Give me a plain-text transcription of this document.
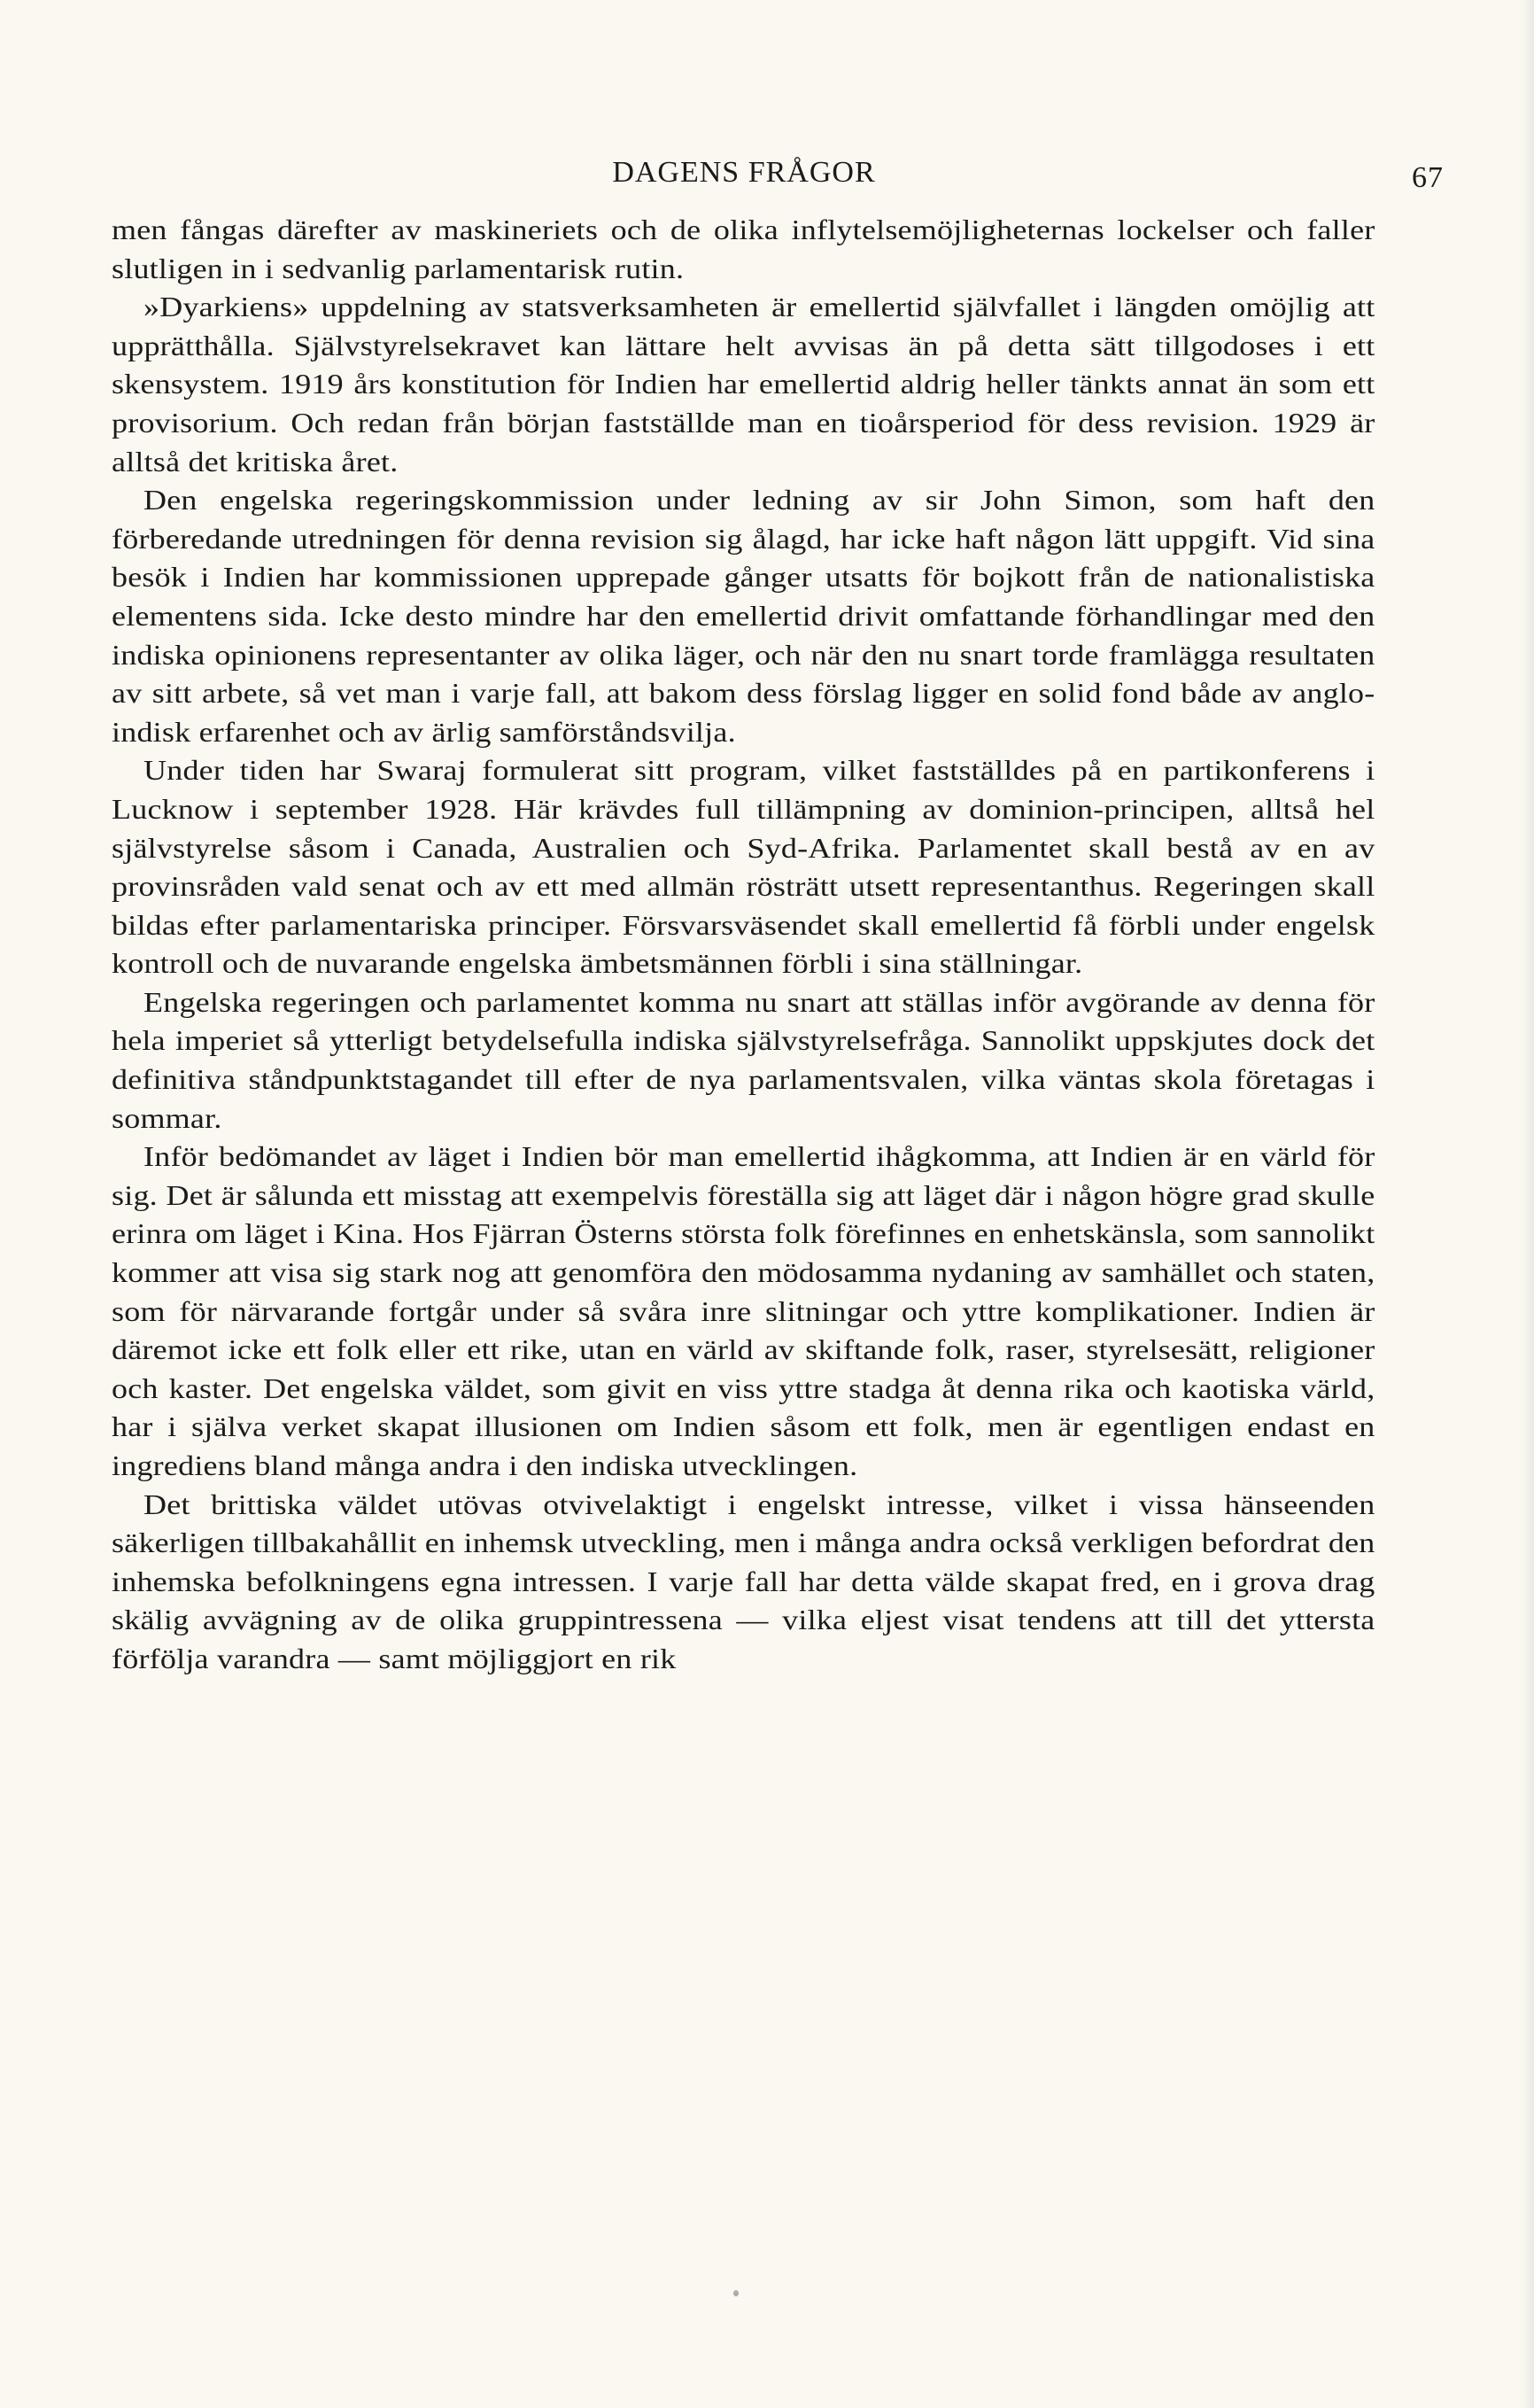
DAGENS FRÅGOR	67

men fångas därefter av maskineriets och de olika inflytelsemöjligheternas lockelser och faller slutligen in i sedvanlig parlamentarisk rutin.

»Dyarkiens» uppdelning av statsverksamheten är emellertid självfallet i längden omöjlig att upprätthålla. Självstyrelsekravet kan lättare helt avvisas än på detta sätt tillgodoses i ett skensystem. 1919 års konstitution för Indien har emellertid aldrig heller tänkts annat än som ett provisorium. Och redan från början fastställde man en tioårsperiod för dess revision. 1929 är alltså det kritiska året.

Den engelska regeringskommission under ledning av sir John Simon, som haft den förberedande utredningen för denna revision sig ålagd, har icke haft någon lätt uppgift. Vid sina besök i Indien har kommissionen upprepade gånger utsatts för bojkott från de nationalistiska elementens sida. Icke desto mindre har den emellertid drivit omfattande förhandlingar med den indiska opinionens representanter av olika läger, och när den nu snart torde framlägga resultaten av sitt arbete, så vet man i varje fall, att bakom dess förslag ligger en solid fond både av anglo-indisk erfarenhet och av ärlig samförståndsvilja.

Under tiden har Swaraj formulerat sitt program, vilket fastställdes på en partikonferens i Lucknow i september 1928. Här krävdes full tillämpning av dominion-principen, alltså hel självstyrelse såsom i Canada, Australien och Syd-Afrika. Parlamentet skall bestå av en av provinsråden vald senat och av ett med allmän rösträtt utsett representanthus. Regeringen skall bildas efter parlamentariska principer. Försvarsväsendet skall emellertid få förbli under engelsk kontroll och de nuvarande engelska ämbetsmännen förbli i sina ställningar.

Engelska regeringen och parlamentet komma nu snart att ställas inför avgörande av denna för hela imperiet så ytterligt betydelsefulla indiska självstyrelsefråga. Sannolikt uppskjutes dock det definitiva ståndpunktstagandet till efter de nya parlamentsvalen, vilka väntas skola företagas i sommar.

Inför bedömandet av läget i Indien bör man emellertid ihågkomma, att Indien är en värld för sig. Det är sålunda ett misstag att exempelvis föreställa sig att läget där i någon högre grad skulle erinra om läget i Kina. Hos Fjärran Österns största folk förefinnes en enhetskänsla, som sannolikt kommer att visa sig stark nog att genomföra den mödosamma nydaning av samhället och staten, som för närvarande fortgår under så svåra inre slitningar och yttre komplikationer. Indien är däremot icke ett folk eller ett rike, utan en värld av skiftande folk, raser, styrelsesätt, religioner och kaster. Det engelska väldet, som givit en viss yttre stadga åt denna rika och kaotiska värld, har i själva verket skapat illusionen om Indien såsom ett folk, men är egentligen endast en ingrediens bland många andra i den indiska utvecklingen.

Det brittiska väldet utövas otvivelaktigt i engelskt intresse, vilket i vissa hänseenden säkerligen tillbakahållit en inhemsk utveckling, men i många andra också verkligen befordrat den inhemska befolkningens egna intressen. I varje fall har detta välde skapat fred, en i grova drag skälig avvägning av de olika gruppintressena — vilka eljest visat tendens att till det yttersta förfölja varandra — samt möjliggjort en rik
